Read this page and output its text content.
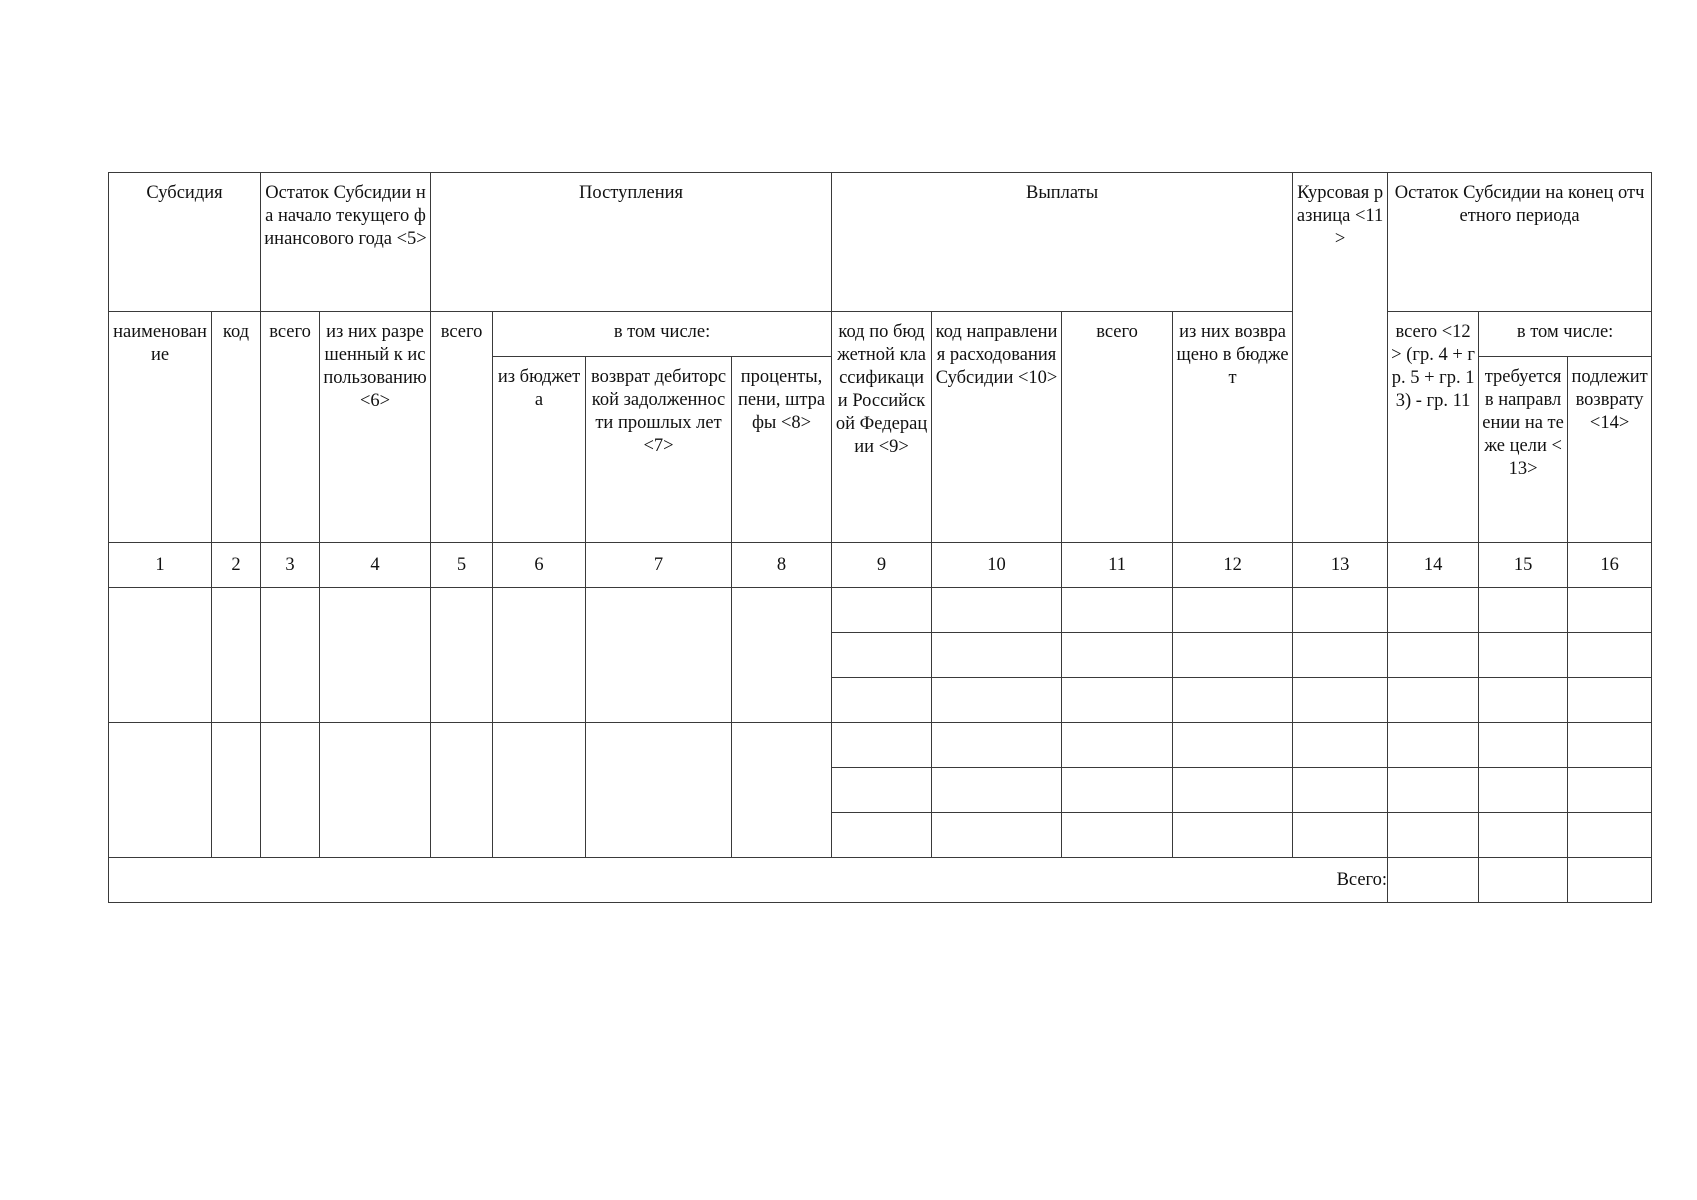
Субсидия		Остаток Субсидии на начало текущего финансового года <5>		Поступления				Выплаты				Курсовая разница <11>	Остаток Субсидии на конец отчетного периода		
наименование	код	всего	из них разрешенный к использованию <6>	всего	в том числе:			код по бюджетной классификации Российской Федерации <9>	код направления расходования Субсидии <10>	всего	из них возвращено в бюджет		всего <12> (гр. 4 + гр. 5 + гр. 13) - гр. 11	в том числе:	
					из бюджета	возврат дебиторской задолженности прошлых лет <7>	проценты, пени, штрафы <8>							требуется в направлении на те же цели <13>	подлежит возврату <14>
1	2	3	4	5	6	7	8	9	10	11	12	13	14	15	16

Всего:															
